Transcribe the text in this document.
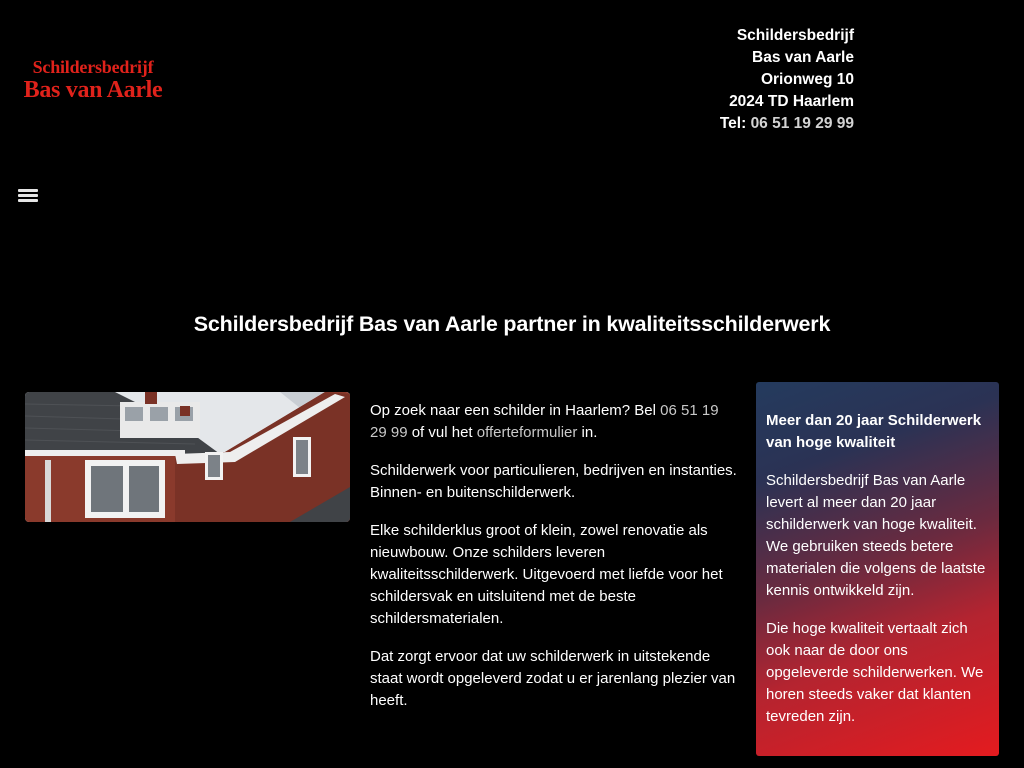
Schildersbedrijf
Bas van Aarle
Schildersbedrijf
Bas van Aarle
Orionweg 10
2024 TD Haarlem
Tel: 06 51 19 29 99
Schildersbedrijf Bas van Aarle partner in kwaliteitsschilderwerk

Op zoek naar een schilder in Haarlem? Bel 06 51 19 29 99 of vul het offerteformulier in.

Schilderwerk voor particulieren, bedrijven en instanties. Binnen- en buitenschilderwerk.

Elke schilderklus groot of klein, zowel renovatie als nieuwbouw. Onze schilders leveren kwaliteitsschilderwerk. Uitgevoerd met liefde voor het schildersvak en uitsluitend met de beste schildersmaterialen.

Dat zorgt ervoor dat uw schilderwerk in uitstekende staat wordt opgeleverd zodat u er jarenlang plezier van heeft.

Meer dan 20 jaar Schilderwerk van hoge kwaliteit

Schildersbedrijf Bas van Aarle levert al meer dan 20 jaar schilderwerk van hoge kwaliteit. We gebruiken steeds betere materialen die volgens de laatste kennis ontwikkeld zijn.

Die hoge kwaliteit vertaalt zich ook naar de door ons opgeleverde schilderwerken. We horen steeds vaker dat klanten tevreden zijn.
